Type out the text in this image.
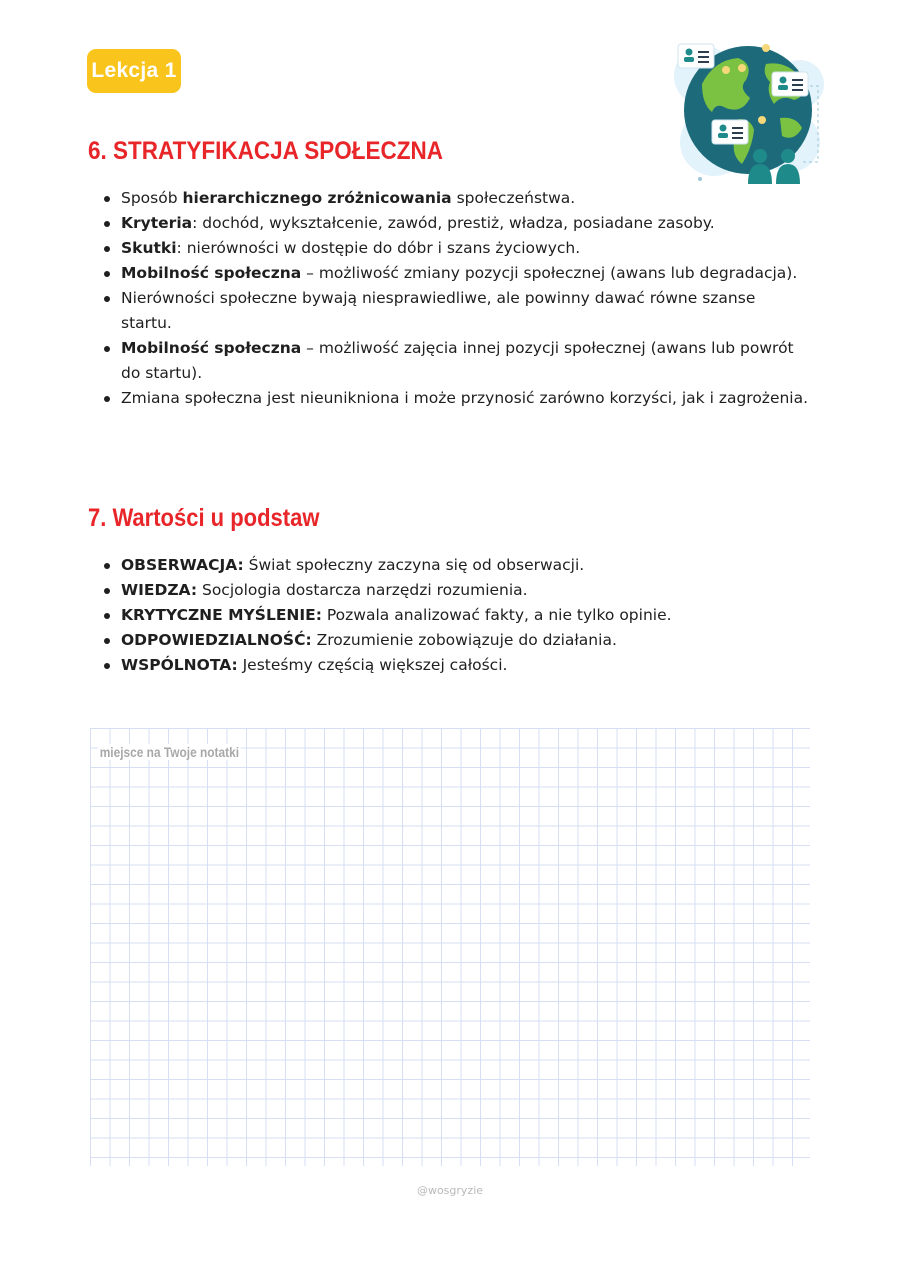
Lekcja 1
6. STRATYFIKACJA SPOŁECZNA
Sposób hierarchicznego zróżnicowania społeczeństwa.
Kryteria: dochód, wykształcenie, zawód, prestiż, władza, posiadane zasoby.
Skutki: nierówności w dostępie do dóbr i szans życiowych.
Mobilność społeczna – możliwość zmiany pozycji społecznej (awans lub degradacja).
Nierówności społeczne bywają niesprawiedliwe, ale powinny dawać równe szanse startu.
Mobilność społeczna – możliwość zajęcia innej pozycji społecznej (awans lub powrót do startu).
Zmiana społeczna jest nieunikniona i może przynosić zarówno korzyści, jak i zagrożenia.
7. Wartości u podstaw
OBSERWACJA: Świat społeczny zaczyna się od obserwacji.
WIEDZA: Socjologia dostarcza narzędzi rozumienia.
KRYTYCZNE MYŚLENIE: Pozwala analizować fakty, a nie tylko opinie.
ODPOWIEDZIALNOŚĆ: Zrozumienie zobowiązuje do działania.
WSPÓLNOTA: Jesteśmy częścią większej całości.

miejsce na Twoje notatki

@wosgryzie
